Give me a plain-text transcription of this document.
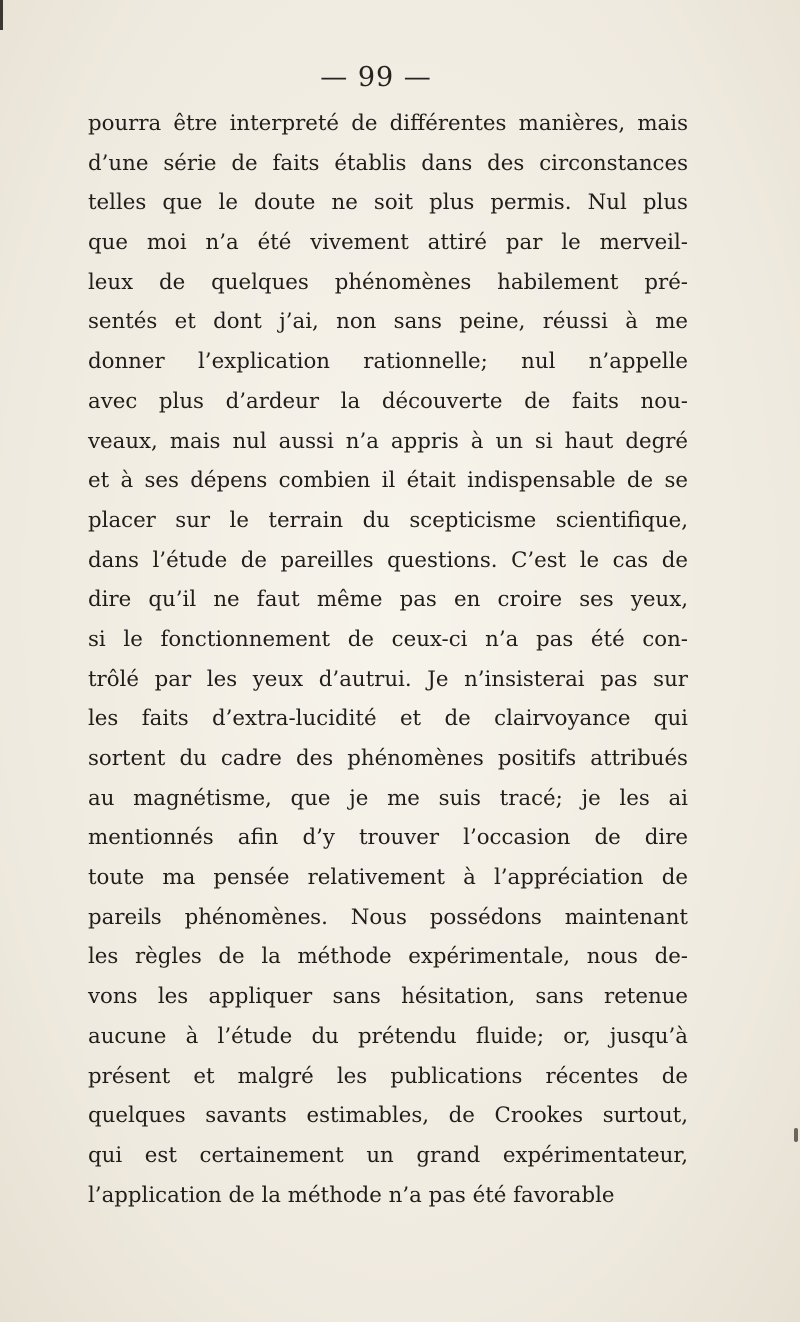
— 99 —
pourra être interpreté de différentes manières, mais
d’une série de faits établis dans des circonstances
telles que le doute ne soit plus permis. Nul plus
que moi n’a été vivement attiré par le merveil-
leux de quelques phénomènes habilement pré-
sentés et dont j’ai, non sans peine, réussi à me
donner l’explication rationnelle; nul n’appelle
avec plus d’ardeur la découverte de faits nou-
veaux, mais nul aussi n’a appris à un si haut degré
et à ses dépens combien il était indispensable de se
placer sur le terrain du scepticisme scientifique,
dans l’étude de pareilles questions. C’est le cas de
dire qu’il ne faut même pas en croire ses yeux,
si le fonctionnement de ceux-ci n’a pas été con-
trôlé par les yeux d’autrui. Je n’insisterai pas sur
les faits d’extra-lucidité et de clairvoyance qui
sortent du cadre des phénomènes positifs attribués
au magnétisme, que je me suis tracé; je les ai
mentionnés afin d’y trouver l’occasion de dire
toute ma pensée relativement à l’appréciation de
pareils phénomènes. Nous possédons maintenant
les règles de la méthode expérimentale, nous de-
vons les appliquer sans hésitation, sans retenue
aucune à l’étude du prétendu fluide; or, jusqu’à
présent et malgré les publications récentes de
quelques savants estimables, de Crookes surtout,
qui est certainement un grand expérimentateur,
l’application de la méthode n’a pas été favorable
